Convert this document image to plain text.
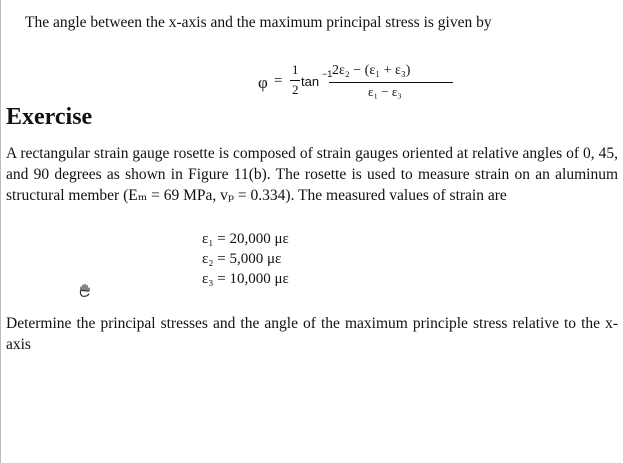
The angle between the x-axis and the maximum principal stress is given by
φ =
1
2
tan −1 2ε₂ − (ε₁ + ε₃)
ε₁ − ε₃
Exercise
A rectangular strain gauge rosette is composed of strain gauges oriented at relative angles of 0, 45, and 90 degrees as shown in Figure 11(b). The rosette is used to measure strain on an aluminum structural member (Eₘ = 69 MPa, vₚ = 0.334). The measured values of strain are
ε₁ = 20,000 με
ε₂ = 5,000 με
ε₃ = 10,000 με
Determine the principal stresses and the angle of the maximum principle stress relative to the x-axis
